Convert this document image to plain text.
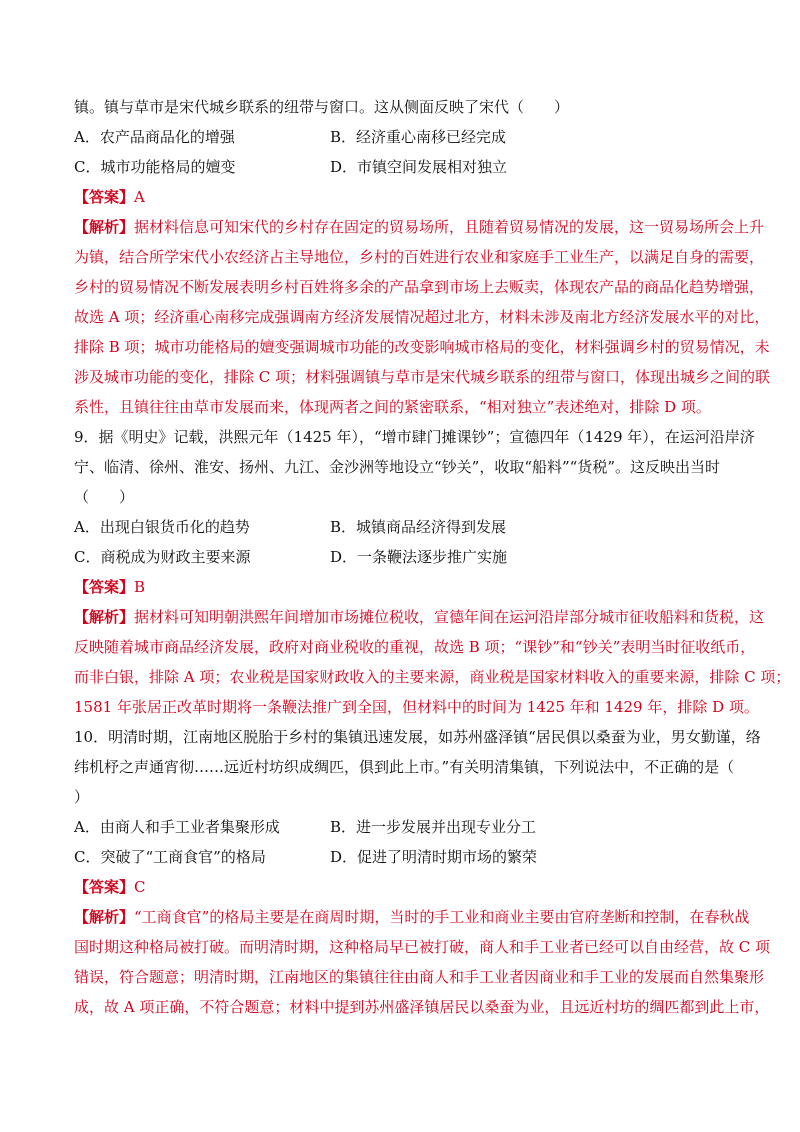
镇。镇与草市是宋代城乡联系的纽带与窗口。这从侧面反映了宋代（　　）
A．农产品商品化的增强	B．经济重心南移已经完成
C．城市功能格局的嬗变	D．市镇空间发展相对独立
【答案】A
【解析】据材料信息可知宋代的乡村存在固定的贸易场所，且随着贸易情况的发展，这一贸易场所会上升
为镇，结合所学宋代小农经济占主导地位，乡村的百姓进行农业和家庭手工业生产，以满足自身的需要，
乡村的贸易情况不断发展表明乡村百姓将多余的产品拿到市场上去贩卖，体现农产品的商品化趋势增强，
故选 A 项；经济重心南移完成强调南方经济发展情况超过北方，材料未涉及南北方经济发展水平的对比，
排除 B 项；城市功能格局的嬗变强调城市功能的改变影响城市格局的变化，材料强调乡村的贸易情况，未
涉及城市功能的变化，排除 C 项；材料强调镇与草市是宋代城乡联系的纽带与窗口，体现出城乡之间的联
系性，且镇往往由草市发展而来，体现两者之间的紧密联系，“相对独立”表述绝对，排除 D 项。
9．据《明史》记载，洪熙元年（1425 年），“增市肆门摊课钞”；宣德四年（1429 年），在运河沿岸济
宁、临清、徐州、淮安、扬州、九江、金沙洲等地设立“钞关”，收取“船料”“货税”。这反映出当时
（　　）
A．出现白银货币化的趋势	B．城镇商品经济得到发展
C．商税成为财政主要来源	D．一条鞭法逐步推广实施
【答案】B
【解析】据材料可知明朝洪熙年间增加市场摊位税收，宣德年间在运河沿岸部分城市征收船料和货税，这
反映随着城市商品经济发展，政府对商业税收的重视，故选 B 项；“课钞”和“钞关”表明当时征收纸币，
而非白银，排除 A 项；农业税是国家财政收入的主要来源，商业税是国家材料收入的重要来源，排除 C 项；
1581 年张居正改革时期将一条鞭法推广到全国，但材料中的时间为 1425 年和 1429 年，排除 D 项。
10．明清时期，江南地区脱胎于乡村的集镇迅速发展，如苏州盛泽镇“居民俱以桑蚕为业，男女勤谨，络
纬机杼之声通宵彻……远近村坊织成绸匹，俱到此上市。”有关明清集镇，下列说法中，不正确的是（
）
A．由商人和手工业者集聚形成	B．进一步发展并出现专业分工
C．突破了“工商食官”的格局	D．促进了明清时期市场的繁荣
【答案】C
【解析】“工商食官”的格局主要是在商周时期，当时的手工业和商业主要由官府垄断和控制，在春秋战
国时期这种格局被打破。而明清时期，这种格局早已被打破，商人和手工业者已经可以自由经营，故 C 项
错误，符合题意；明清时期，江南地区的集镇往往由商人和手工业者因商业和手工业的发展而自然集聚形
成，故 A 项正确，不符合题意；材料中提到苏州盛泽镇居民以桑蚕为业，且远近村坊的绸匹都到此上市，
